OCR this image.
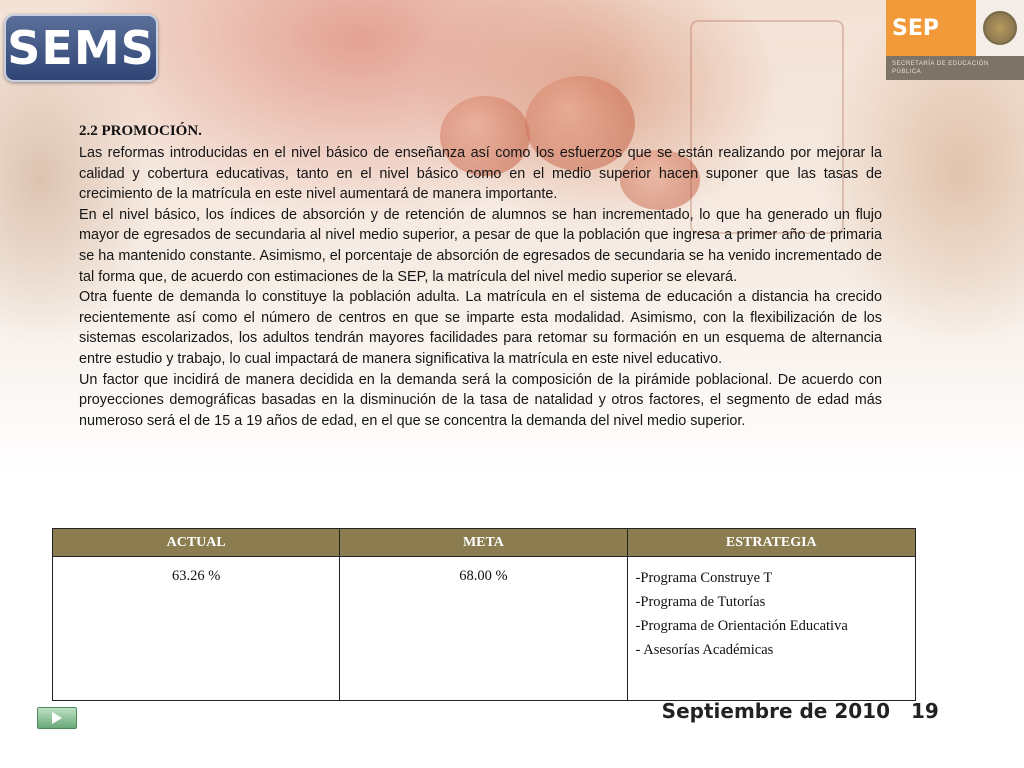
SEMS	SEP
SECRETARÍA DE EDUCACIÓN PÚBLICA
2.2 PROMOCIÓN.

Las reformas introducidas en el nivel básico de enseñanza así como los esfuerzos que se están realizando por mejorar la calidad y cobertura educativas, tanto en el nivel básico como en el medio superior hacen suponer que las tasas de crecimiento de la matrícula en este nivel aumentará de manera importante.

En el nivel básico, los índices de absorción y de retención de alumnos se han incrementado, lo que ha generado un flujo mayor de egresados de secundaria al nivel medio superior, a pesar de que la población que ingresa a primer año de primaria se ha mantenido constante. Asimismo, el porcentaje de absorción de egresados de secundaria se ha venido incrementado de tal forma que, de acuerdo con estimaciones de la SEP, la matrícula del nivel medio superior se elevará.

Otra fuente de demanda lo constituye la población adulta. La matrícula en el sistema de educación a distancia ha crecido recientemente así como el número de centros en que se imparte esta modalidad. Asimismo, con la flexibilización de los sistemas escolarizados, los adultos tendrán mayores facilidades para retomar su formación en un esquema de alternancia entre estudio y trabajo, lo cual impactará de manera significativa la matrícula en este nivel educativo.

Un factor que incidirá de manera decidida en la demanda será la composición de la pirámide poblacional. De acuerdo con proyecciones demográficas basadas en la disminución de la tasa de natalidad y otros factores, el segmento de edad más numeroso será el de 15 a 19 años de edad, en el que se concentra la demanda del nivel medio superior.

ACTUAL	META	ESTRATEGIA
63.26 %	68.00 %	-Programa Construye T
-Programa de Tutorías
-Programa de Orientación Educativa
- Asesorías Académicas
Septiembre de 2010 19
